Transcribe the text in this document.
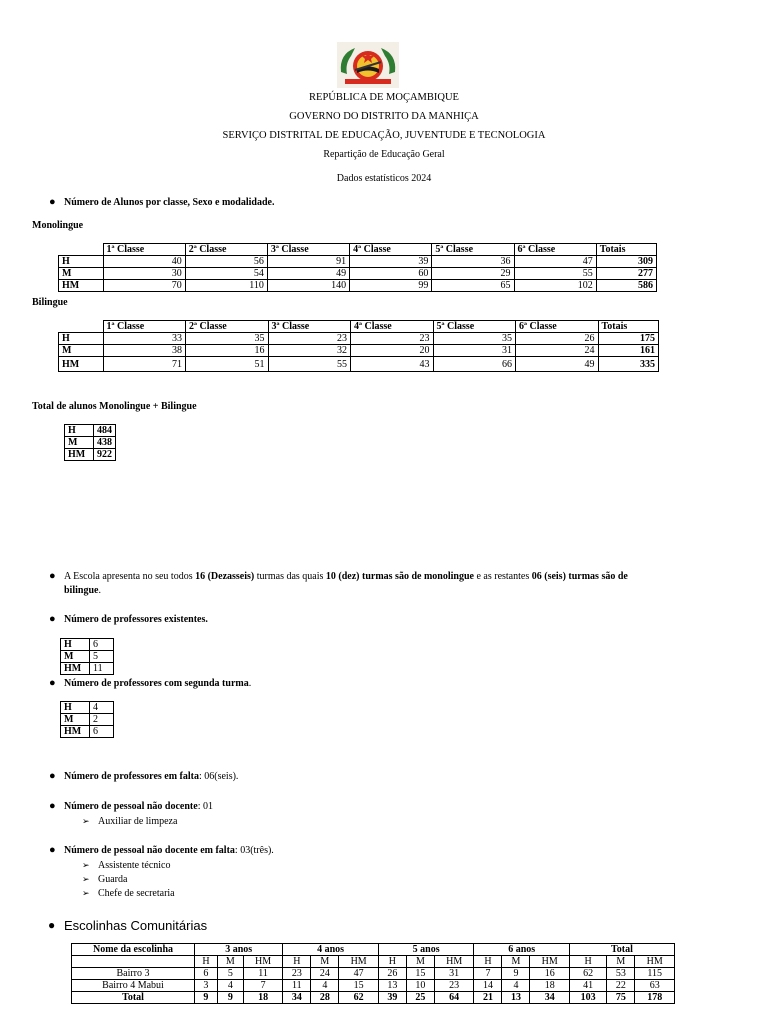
REPÚBLICA DE MOÇAMBIQUE
GOVERNO DO DISTRITO DA MANHIÇA
SERVIÇO DISTRITAL DE EDUCAÇÃO, JUVENTUDE E TECNOLOGIA
Repartição de Educação Geral
Dados estatísticos 2024
● Número de Alunos por classe, Sexo e modalidade.
Monolingue
	1ª Classe	2ª Classe	3ª Classe	4ª Classe	5ª Classe	6ª Classe	Totais
H	40	56	91	39	36	47	309
M	30	54	49	60	29	55	277
HM	70	110	140	99	65	102	586
Bilingue
	1ª Classe	2ª Classe	3ª Classe	4ª Classe	5ª Classe	6ª Classe	Totais
H	33	35	23	23	35	26	175
M	38	16	32	20	31	24	161
HM	71	51	55	43	66	49	335
Total de alunos Monolingue + Bilingue
H	484
M	438
HM	922
● A Escola apresenta no seu todos 16 (Dezasseis) turmas das quais 10 (dez) turmas são de monolingue e as restantes 06 (seis) turmas são de
bilingue.
● Número de professores existentes.
H	6
M	5
HM	11
● Número de professores com segunda turma.
H	4
M	2
HM	6
● Número de professores em falta: 06(seis).
● Número de pessoal não docente: 01
➢ Auxiliar de limpeza
● Número de pessoal não docente em falta: 03(três).
➢ Assistente técnico
➢ Guarda
➢ Chefe de secretaria
● Escolinhas Comunitárias
Nome da escolinha	3 anos			4 anos			5 anos			6 anos			Total		
	H	M	HM	H	M	HM	H	M	HM	H	M	HM	H	M	HM
Bairro 3	6	5	11	23	24	47	26	15	31	7	9	16	62	53	115
Bairro 4 Mabui	3	4	7	11	4	15	13	10	23	14	4	18	41	22	63
Total	9	9	18	34	28	62	39	25	64	21	13	34	103	75	178
